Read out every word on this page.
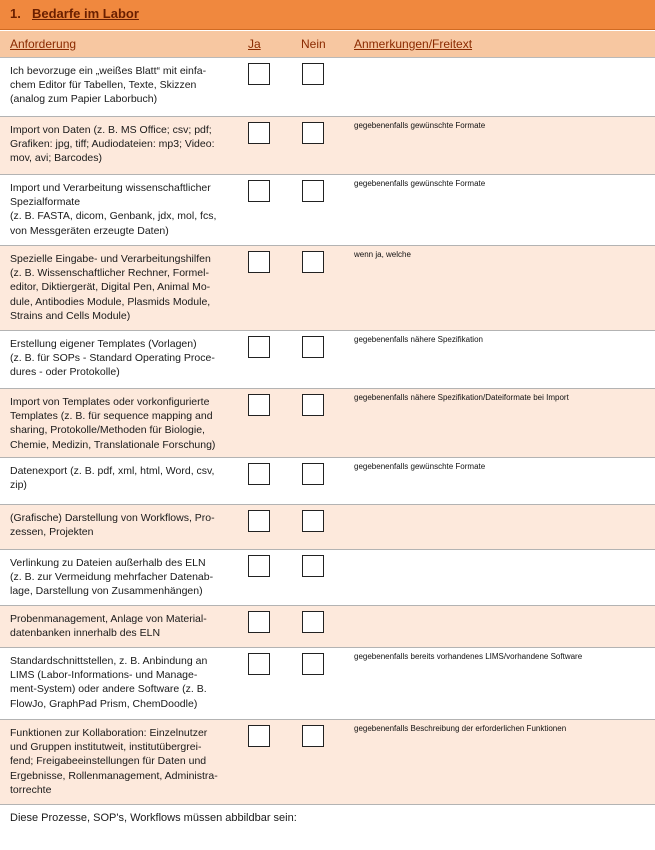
1. Bedarfe im Labor
Anforderung	Ja	Nein Anmerkungen/Freitext
Ich bevorzuge ein „weißes Blatt“ mit einfa-
chem Editor für Tabellen, Texte, Skizzen
(analog zum Papier Laborbuch)
Import von Daten (z. B. MS Office; csv; pdf;
Grafiken: jpg, tiff; Audiodateien: mp3; Video:
mov, avi; Barcodes)
gegebenenfalls gewünschte Formate
Import und Verarbeitung wissenschaftlicher
Spezialformate
(z. B. FASTA, dicom, Genbank, jdx, mol, fcs,
von Messgeräten erzeugte Daten)
gegebenenfalls gewünschte Formate
Spezielle Eingabe- und Verarbeitungshilfen
(z. B. Wissenschaftlicher Rechner, Formel-
editor, Diktiergerät, Digital Pen, Animal Mo-
dule, Antibodies Module, Plasmids Module,
Strains and Cells Module)
wenn ja, welche
Erstellung eigener Templates (Vorlagen)
(z. B. für SOPs - Standard Operating Proce-
dures - oder Protokolle)
gegebenenfalls nähere Spezifikation
Import von Templates oder vorkonfigurierte
Templates (z. B. für sequence mapping and
sharing, Protokolle/Methoden für Biologie,
Chemie, Medizin, Translationale Forschung)
gegebenenfalls nähere Spezifikation/Dateiformate bei Import
Datenexport (z. B. pdf, xml, html, Word, csv,
zip)
gegebenenfalls gewünschte Formate
(Grafische) Darstellung von Workflows, Pro-
zessen, Projekten
Verlinkung zu Dateien außerhalb des ELN
(z. B. zur Vermeidung mehrfacher Datenab-
lage, Darstellung von Zusammenhängen)
Probenmanagement, Anlage von Material-
datenbanken innerhalb des ELN
Standardschnittstellen, z. B. Anbindung an
LIMS (Labor-Informations- und Manage-
ment-System) oder andere Software (z. B.
FlowJo, GraphPad Prism, ChemDoodle)
gegebenenfalls bereits vorhandenes LIMS/vorhandene Software
Funktionen zur Kollaboration: Einzelnutzer
und Gruppen institutweit, institutübergrei-
fend; Freigabeeinstellungen für Daten und
Ergebnisse, Rollenmanagement, Administra-
torrechte
gegebenenfalls Beschreibung der erforderlichen Funktionen
Diese Prozesse, SOP's, Workflows müssen abbildbar sein:
